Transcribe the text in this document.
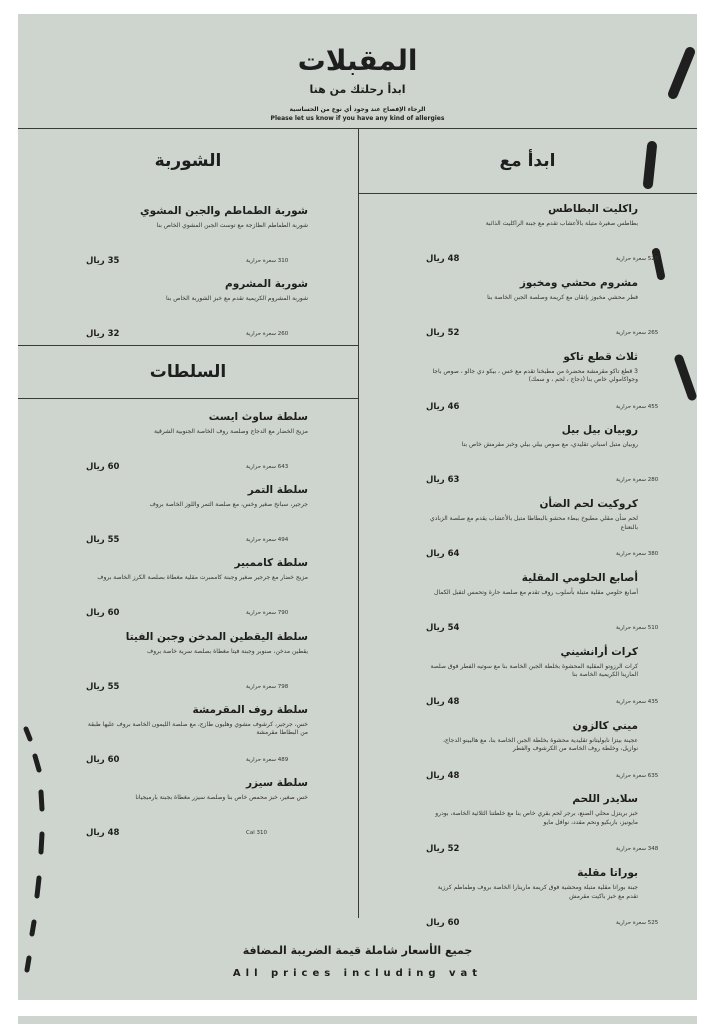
المقبلات
ابدأ رحلتك من هنا
الرجاء الإفصاح عند وجود أي نوع من الحساسية
Please let us know if you have any kind of allergies
ابدأ مع
الشوربة
السلطات
راكليت البطاطس
بطاطس صغيرة متبلة بالأعشاب تقدم مع جبنة الراكليت الذائبة
48 ريال	520 سعرة حرارية
مشروم محشي ومخبوز
فطر محشي مخبوز بإتقان مع كريمة وصلصة الجبن الخاصة بنا
52 ريال	265 سعرة حرارية
ثلاث قطع تاكو
3 قطع تاكو مقرمشة محضرة من مطبخنا تقدم مع خس ، بيكو دي جالو ، صوص باجا وجواكامولي خاص بنا (دجاج ، لحم ، و سمك)
46 ريال	455 سعرة حرارية
روبيان بيل بيل
روبيان متبل اسباني تقليدي، مع صوص بيلي بيلي وخبز مقرمش خاص بنا
63 ريال	280 سعرة حرارية
كروكيت لحم الضأن
لحم ضأن مقلي مطبوخ ببطء محشو بالبطاطا متبل بالأعشاب يقدم مع صلصة الزبادي بالنعناع
64 ريال	380 سعرة حرارية
أصابع الحلومي المقلية
أصابع حلومي مقلية متبلة بأسلوب روف تقدم مع صلصة حارة وتحمس لتقبل الكمال
54 ريال	510 سعرة حرارية
كرات أرانشيني
كرات الرزوتو المقلية المحشوة بخلطة الجبن الخاصة بنا مع سوتيه الفطر فوق صلصة المارينا الكريمية الخاصة بنا
48 ريال	435 سعرة حرارية
ميني كالزون
عجينة بيتزا نابوليتانو تقليدية محشوة بخلطة الجبن الخاصة بنا، مع هالبينو الدجاج، نوازيل، وخلطة روف الخاصة من الكرشوف والفطر
48 ريال	635 سعرة حرارية
سلايدر اللحم
خبز بريتزل محلي الصنع، برجر لحم بقري خاص بنا مع خلطتنا الثلاثية الخاصة، بودرو مايونيز، باربكيو ونحم مقدد، نوافل مايو
52 ريال	348 سعرة حرارية
بوراتا مقلية
جبنة بوراتا مقلية متبلة ومحشية فوق كريمة مارينارا الخاصة بروف وطماطم كرزية تقدم مع خبز باكيت مقرمش
60 ريال	525 سعرة حرارية
شوربة الطماطم والجبن المشوي
شوربة الطماطم الطازجة مع توست الجبن المشوي الخاص بنا
35 ريال	310 سعرة حرارية
شوربة المشروم
شوربة المشروم الكريمية تقدم مع خبز الشوربة الخاص بنا
32 ريال	260 سعرة حرارية
سلطة ساوث ايست
مزيج الخضار مع الدجاج وصلصة روف الخاصة الجنوبية الشرقية
60 ريال	643 سعرة حرارية
سلطة التمر
جرجير، سبانخ صغير وخس، مع صلصة التمر واللوز الخاصة بروف
55 ريال	494 سعرة حرارية
سلطة كاممبير
مزيج خضار مع جرجير صغير وجبنة كاممبرت مقلية مغطاة بصلصة الكرز الخاصة بروف
60 ريال	790 سعرة حرارية
سلطة اليقطين المدخن وجبن الفيتا
يقطين مدخن، صنوبر وجبنة فيتا مغطاة بصلصة سرية خاصة بروف
55 ريال	798 سعرة حرارية
سلطة روف المقرمشة
خس، جرجير، كرشوف مشوي وهليون طازج، مع صلصة الليمون الخاصة بروف عليها طبقة من البطاطا مقرمشة
60 ريال	489 سعرة حرارية
سلطة سيزر
خس صغير، خبز محمص خاص بنا وصلصة سيزر مغطاة بجبنة بارميجيانا
48 ريال	310 Cal
جميع الأسعار شاملة قيمة الضريبة المضافة
All prices including vat
